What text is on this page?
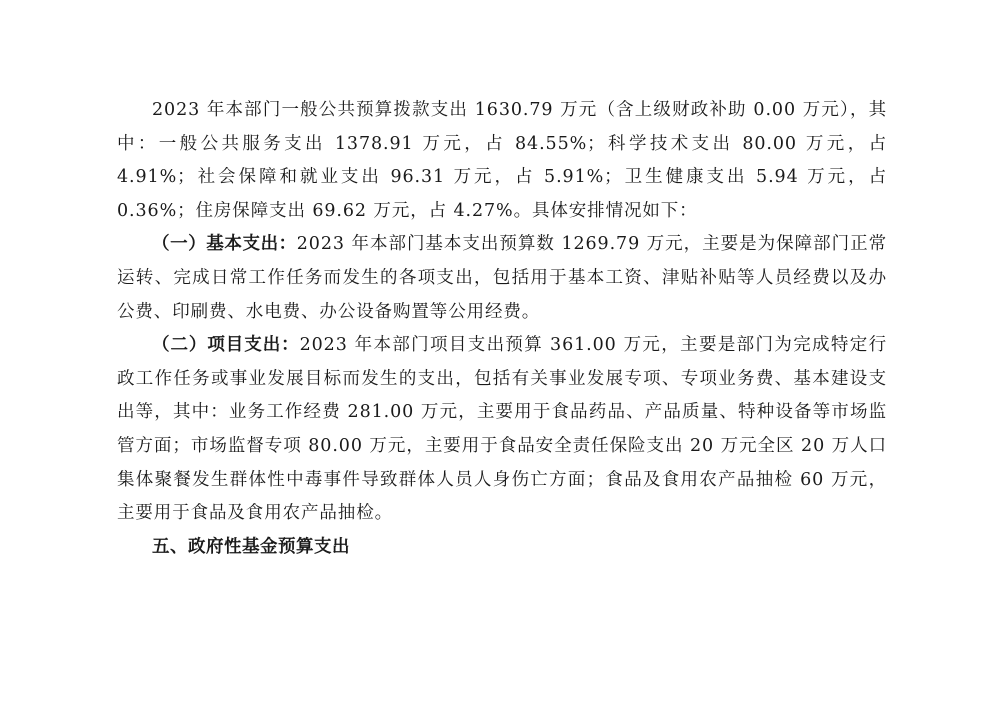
2023 年本部门一般公共预算拨款支出 1630.79 万元（含上级财政补助 0.00 万元），其中：一般公共服务支出 1378.91 万元，占 84.55%；科学技术支出 80.00 万元，占 4.91%；社会保障和就业支出 96.31 万元，占 5.91%；卫生健康支出 5.94 万元，占 0.36%；住房保障支出 69.62 万元，占 4.27%。具体安排情况如下：

（一）基本支出：2023 年本部门基本支出预算数 1269.79 万元，主要是为保障部门正常运转、完成日常工作任务而发生的各项支出，包括用于基本工资、津贴补贴等人员经费以及办公费、印刷费、水电费、办公设备购置等公用经费。

（二）项目支出：2023 年本部门项目支出预算 361.00 万元，主要是部门为完成特定行政工作任务或事业发展目标而发生的支出，包括有关事业发展专项、专项业务费、基本建设支出等，其中：业务工作经费 281.00 万元，主要用于食品药品、产品质量、特种设备等市场监管方面；市场监督专项 80.00 万元，主要用于食品安全责任保险支出 20 万元全区 20 万人口集体聚餐发生群体性中毒事件导致群体人员人身伤亡方面；食品及食用农产品抽检 60 万元，主要用于食品及食用农产品抽检。

五、政府性基金预算支出
